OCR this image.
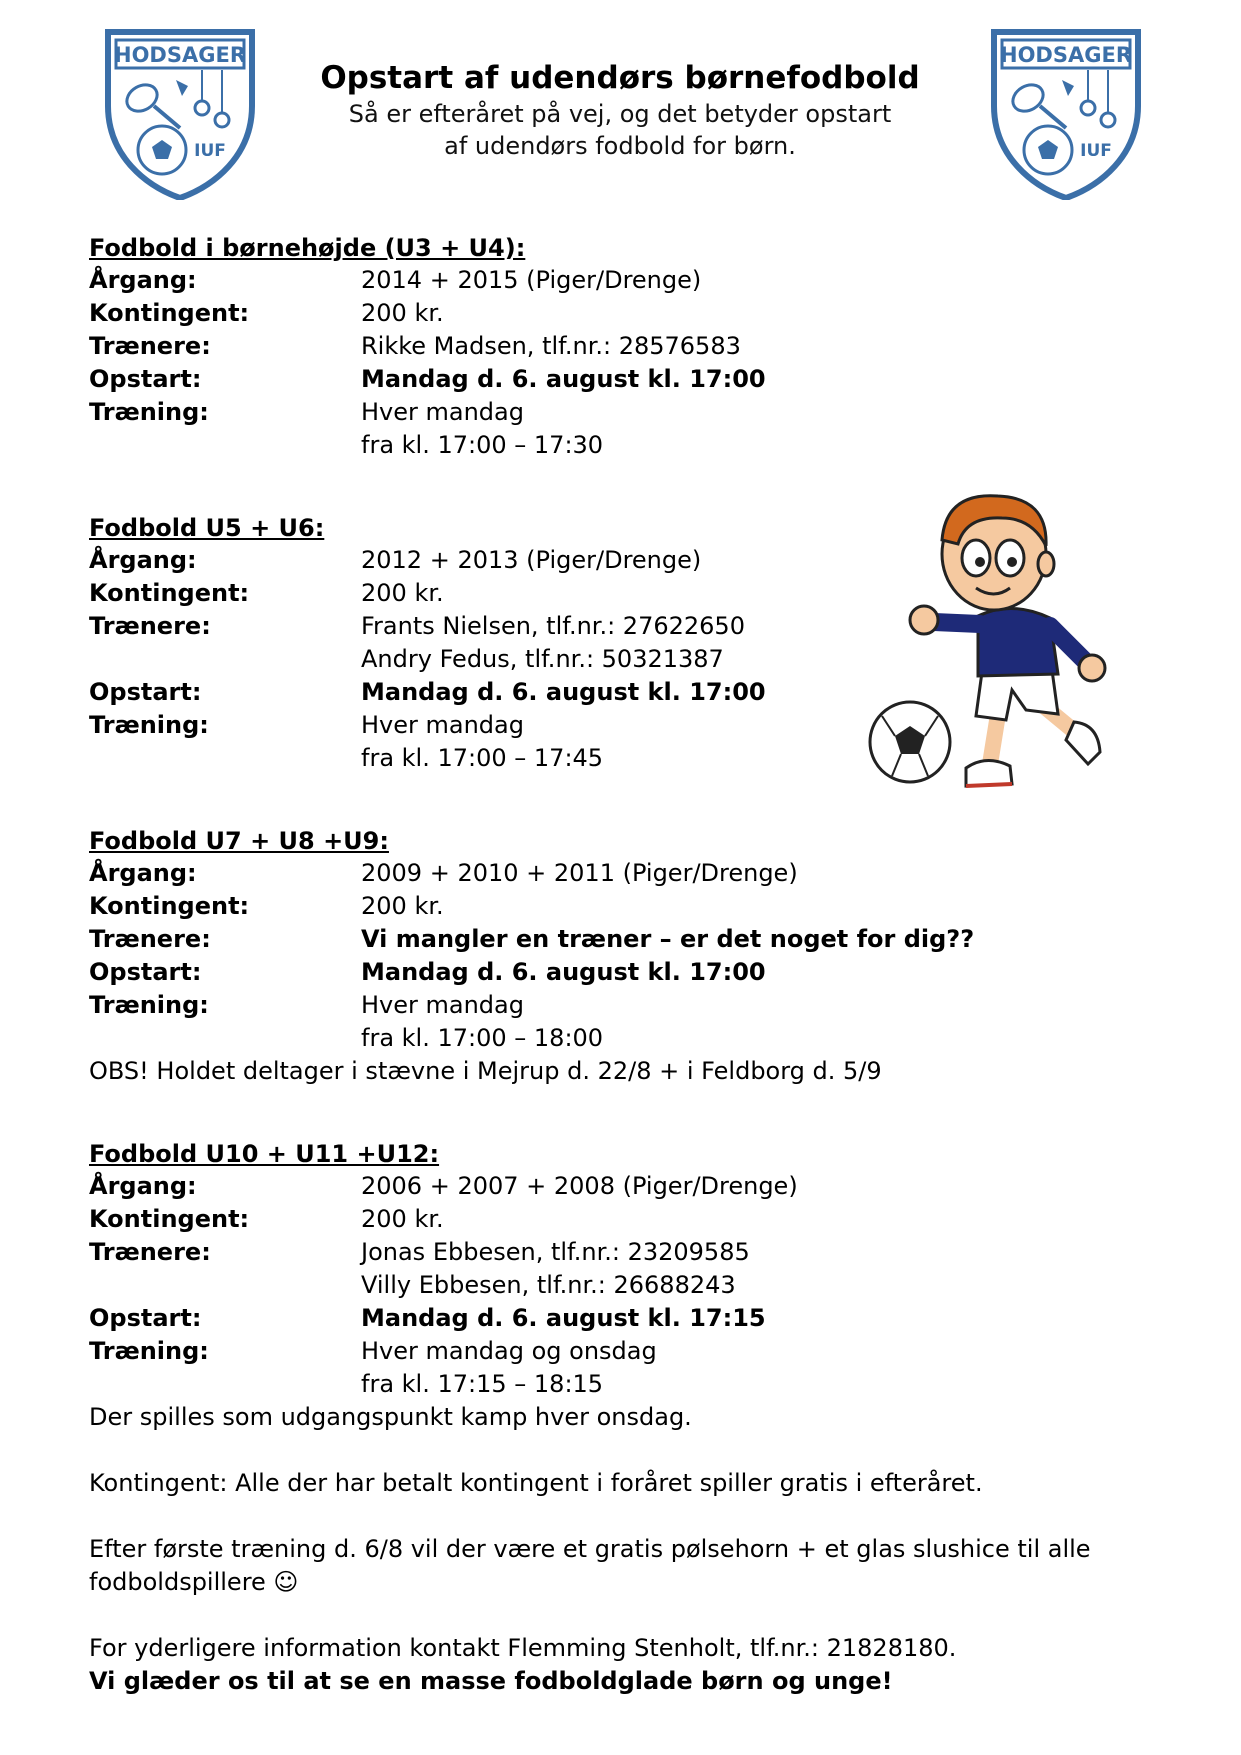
HODSAGER
IUF
HODSAGER
IUF
Opstart af udendørs børnefodbold
Så er efteråret på vej, og det betyder opstart
af udendørs fodbold for børn.
Fodbold i børnehøjde (U3 + U4):
Årgang:	2014 + 2015 (Piger/Drenge)
Kontingent:	200 kr.
Trænere:	Rikke Madsen, tlf.nr.: 28576583
Opstart:	Mandag d. 6. august kl. 17:00
Træning:	Hver mandag
fra kl. 17:00 – 17:30
Fodbold U5 + U6:
Årgang:	2012 + 2013 (Piger/Drenge)
Kontingent:	200 kr.
Trænere:	Frants Nielsen, tlf.nr.: 27622650
Andry Fedus, tlf.nr.: 50321387
Opstart:	Mandag d. 6. august kl. 17:00
Træning:	Hver mandag
fra kl. 17:00 – 17:45
Fodbold U7 + U8 +U9:
Årgang:	2009 + 2010 + 2011 (Piger/Drenge)
Kontingent:	200 kr.
Trænere:	Vi mangler en træner – er det noget for dig??
Opstart:	Mandag d. 6. august kl. 17:00
Træning:	Hver mandag
fra kl. 17:00 – 18:00
OBS! Holdet deltager i stævne i Mejrup d. 22/8 + i Feldborg d. 5/9
Fodbold U10 + U11 +U12:
Årgang:	2006 + 2007 + 2008 (Piger/Drenge)
Kontingent:	200 kr.
Trænere:	Jonas Ebbesen, tlf.nr.: 23209585
Villy Ebbesen, tlf.nr.: 26688243
Opstart:	Mandag d. 6. august kl. 17:15
Træning:	Hver mandag og onsdag
fra kl. 17:15 – 18:15
Der spilles som udgangspunkt kamp hver onsdag.
Kontingent: Alle der har betalt kontingent i foråret spiller gratis i efteråret.
Efter første træning d. 6/8 vil der være et gratis pølsehorn + et glas slushice til alle
fodboldspillere ☺
For yderligere information kontakt Flemming Stenholt, tlf.nr.: 21828180.
Vi glæder os til at se en masse fodboldglade børn og unge!
